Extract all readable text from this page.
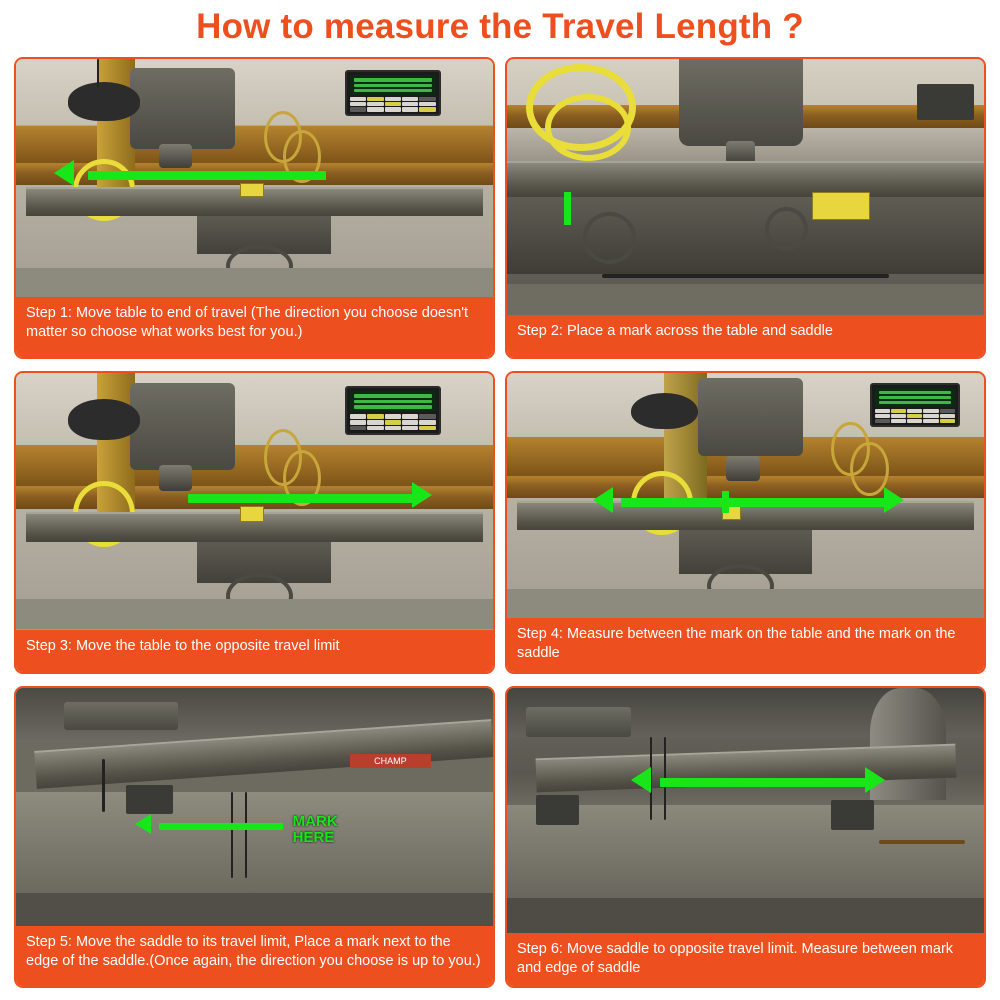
How to measure the Travel Length ?
Step 1: Move table to end of travel (The direction you choose doesn't matter so choose what works best for you.)	Step 2: Place a mark across the table and saddle
Step 3: Move the table to the opposite travel limit
Step 4: Measure between the mark on the table and the mark on the saddle
CHAMP
MARK
HERE
Step 5: Move the saddle to its travel limit, Place a mark next to the edge of the saddle.(Once again, the direction you choose is up to you.)
Step 6: Move saddle to opposite travel limit. Measure between mark and edge of saddle
